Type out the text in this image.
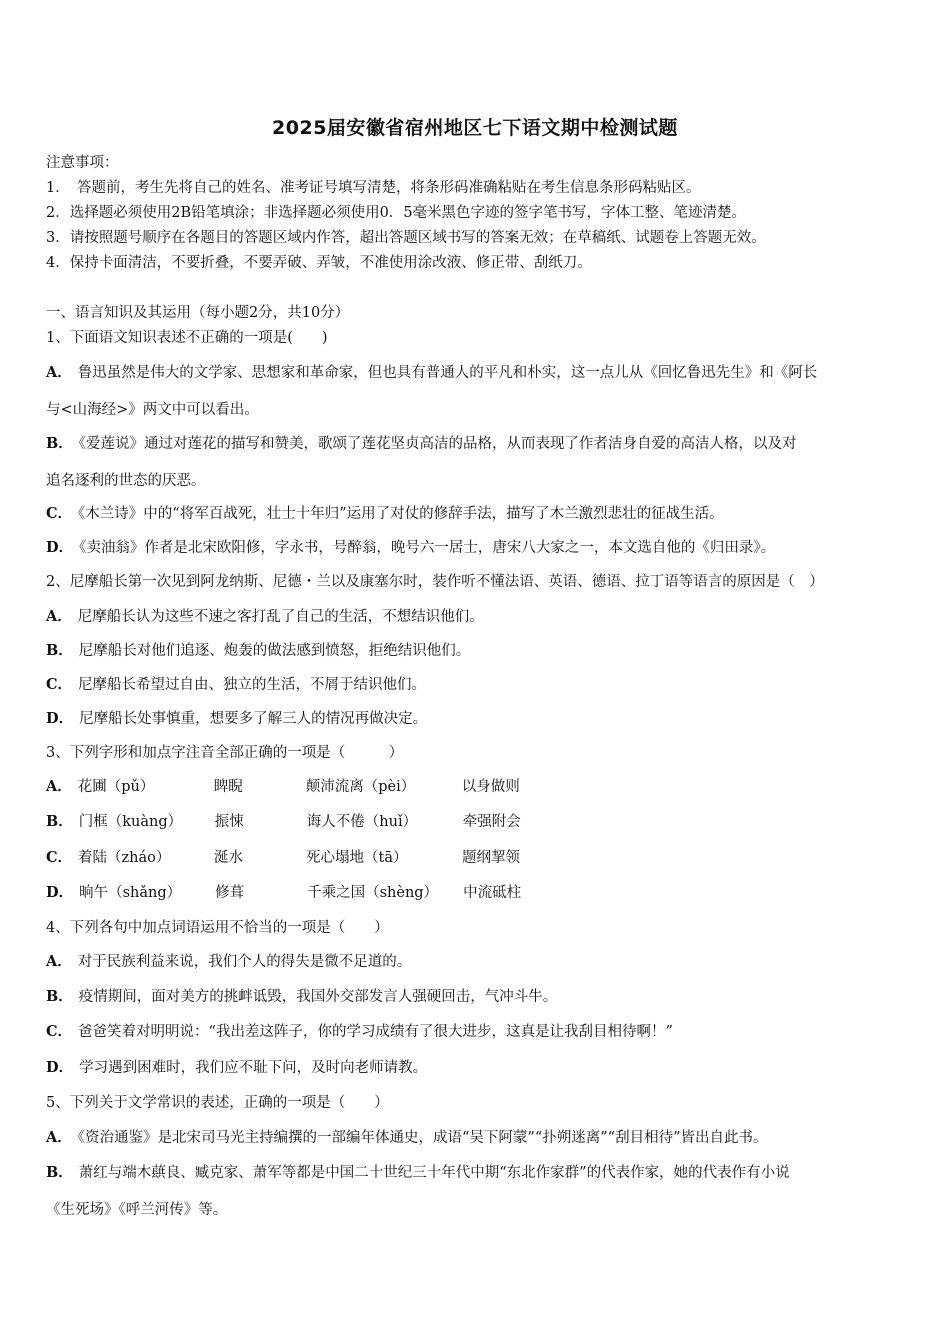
2025届安徽省宿州地区七下语文期中检测试题
注意事项：
1．　答题前，考生先将自己的姓名、准考证号填写清楚，将条形码准确粘贴在考生信息条形码粘贴区。
2．选择题必须使用2B铅笔填涂；非选择题必须使用0．5毫米黑色字迹的签字笔书写，字体工整、笔迹清楚。
3．请按照题号顺序在各题目的答题区域内作答，超出答题区域书写的答案无效；在草稿纸、试题卷上答题无效。
4．保持卡面清洁，不要折叠，不要弄破、弄皱，不准使用涂改液、修正带、刮纸刀。
一、语言知识及其运用（每小题2分，共10分）
1、下面语文知识表述不正确的一项是(　　)
A． 鲁迅虽然是伟大的文学家、思想家和革命家，但也具有普通人的平凡和朴实，这一点儿从《回忆鲁迅先生》和《阿长
与<山海经>》两文中可以看出。
B． 《爱莲说》通过对莲花的描写和赞美，歌颂了莲花坚贞高洁的品格，从而表现了作者洁身自爱的高洁人格，以及对
追名逐利的世态的厌恶。
C． 《木兰诗》中的“将军百战死，壮士十年归”运用了对仗的修辞手法，描写了木兰激烈悲壮的征战生活。
D． 《卖油翁》作者是北宋欧阳修，字永书，号醉翁，晚号六一居士，唐宋八大家之一，本文选自他的《归田录》。
2、尼摩船长第一次见到阿龙纳斯、尼德・兰以及康塞尔时，装作听不懂法语、英语、德语、拉丁语等语言的原因是（　）
A． 尼摩船长认为这些不速之客打乱了自己的生活，不想结识他们。
B． 尼摩船长对他们追逐、炮轰的做法感到愤怒，拒绝结识他们。
C． 尼摩船长希望过自由、独立的生活，不屑于结识他们。
D． 尼摩船长处事慎重，想要多了解三人的情况再做决定。
3、下列字形和加点字注音全部正确的一项是（　　　）
A． 花圃（pǔ）	睥睨	颠沛流离（pèi）	以身做则
B． 门框（kuàng） 振悚	诲人不倦（huǐ）	牵强附会
C． 着陆（zháo）	涎水	死心塌地（tā）	题纲挈领
D． 晌午（shǎng） 修葺	千乘之国（shèng） 中流砥柱
4、下列各句中加点词语运用不恰当的一项是（　　）
A． 对于民族利益来说，我们个人的得失是微不足道的。
B． 疫情期间，面对美方的挑衅诋毁，我国外交部发言人强硬回击，气冲斗牛。
C． 爸爸笑着对明明说：“我出差这阵子，你的学习成绩有了很大进步，这真是让我刮目相待啊！”
D． 学习遇到困难时，我们应不耻下问，及时向老师请教。
5、下列关于文学常识的表述，正确的一项是（　　）
A． 《资治通鉴》是北宋司马光主持编撰的一部编年体通史，成语“吴下阿蒙”“扑朔迷离”“刮目相待”皆出自此书。
B． 萧红与端木蕻良、臧克家、萧军等都是中国二十世纪三十年代中期“东北作家群”的代表作家，她的代表作有小说
《生死场》《呼兰河传》等。
